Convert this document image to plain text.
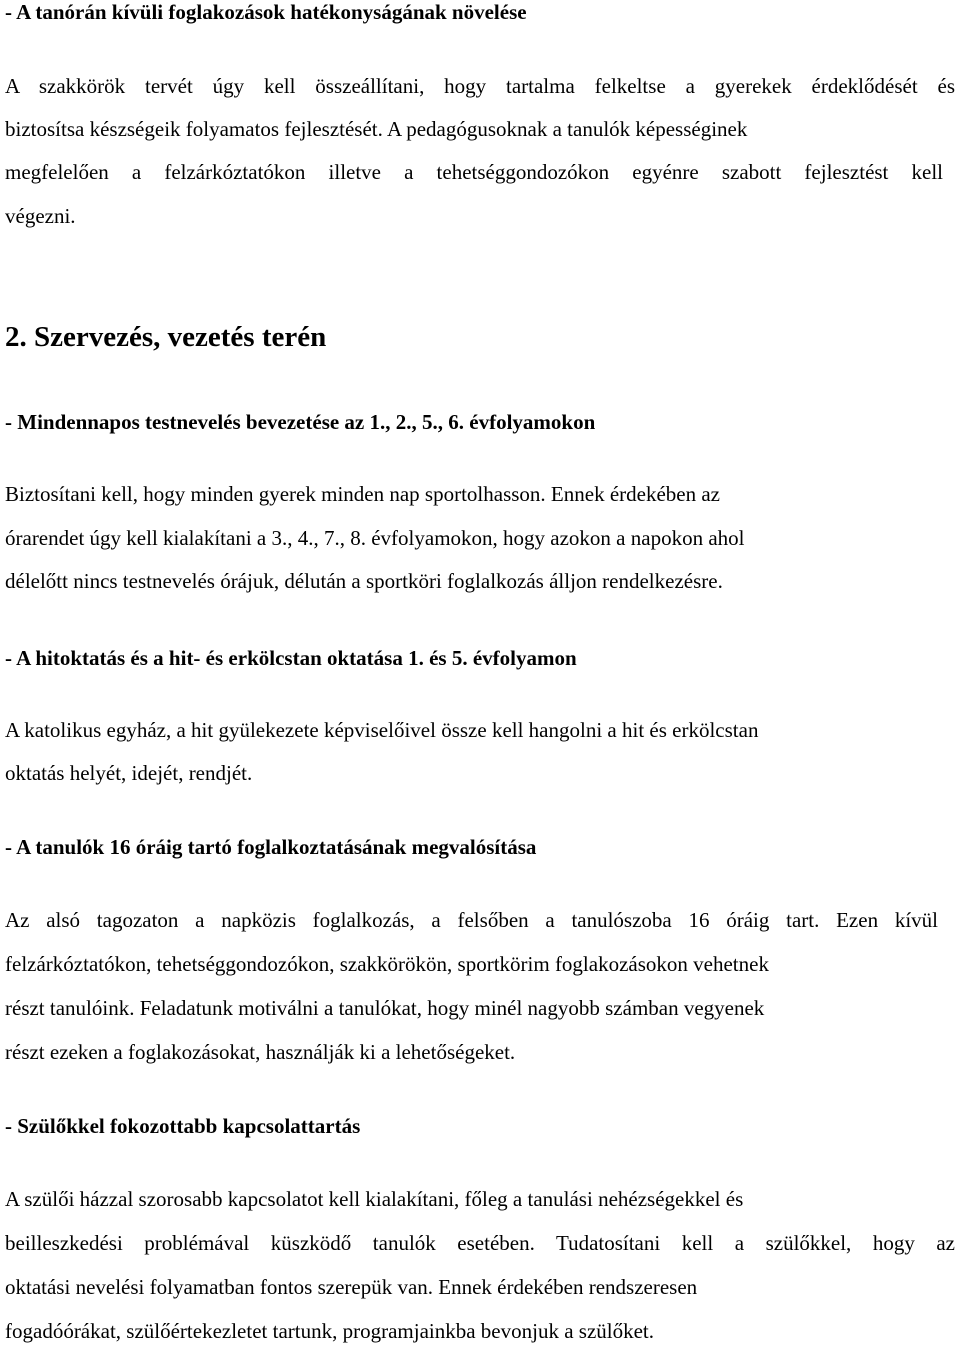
- A tanórán kívüli foglakozások hatékonyságának növelése
A szakkörök tervét úgy kell összeállítani, hogy tartalma felkeltse a gyerekek érdeklődését és
biztosítsa készségeik folyamatos fejlesztését. A pedagógusoknak a tanulók képességinek
megfelelően a felzárkóztatókon illetve a tehetséggondozókon egyénre szabott fejlesztést kell
végezni.
2. Szervezés, vezetés terén
- Mindennapos testnevelés bevezetése az 1., 2., 5., 6. évfolyamokon
Biztosítani kell, hogy minden gyerek minden nap sportolhasson. Ennek érdekében az
órarendet úgy kell kialakítani a 3., 4., 7., 8. évfolyamokon, hogy azokon a napokon ahol
délelőtt nincs testnevelés órájuk, délután a sportköri foglalkozás álljon rendelkezésre.
- A hitoktatás és a hit- és erkölcstan oktatása 1. és 5. évfolyamon
A katolikus egyház, a hit gyülekezete képviselőivel össze kell hangolni a hit és erkölcstan
oktatás helyét, idejét, rendjét.
- A tanulók 16 óráig tartó foglalkoztatásának megvalósítása
Az alsó tagozaton a napközis foglalkozás, a felsőben a tanulószoba 16 óráig tart. Ezen kívül
felzárkóztatókon, tehetséggondozókon, szakkörökön, sportkörim foglakozásokon vehetnek
részt tanulóink. Feladatunk motiválni a tanulókat, hogy minél nagyobb számban vegyenek
részt ezeken a foglakozásokat, használják ki a lehetőségeket.
- Szülőkkel fokozottabb kapcsolattartás
A szülői házzal szorosabb kapcsolatot kell kialakítani, főleg a tanulási nehézségekkel és
beilleszkedési problémával küszködő tanulók esetében. Tudatosítani kell a szülőkkel, hogy az
oktatási nevelési folyamatban fontos szerepük van. Ennek érdekében rendszeresen
fogadóórákat, szülőértekezletet tartunk, programjainkba bevonjuk a szülőket.
